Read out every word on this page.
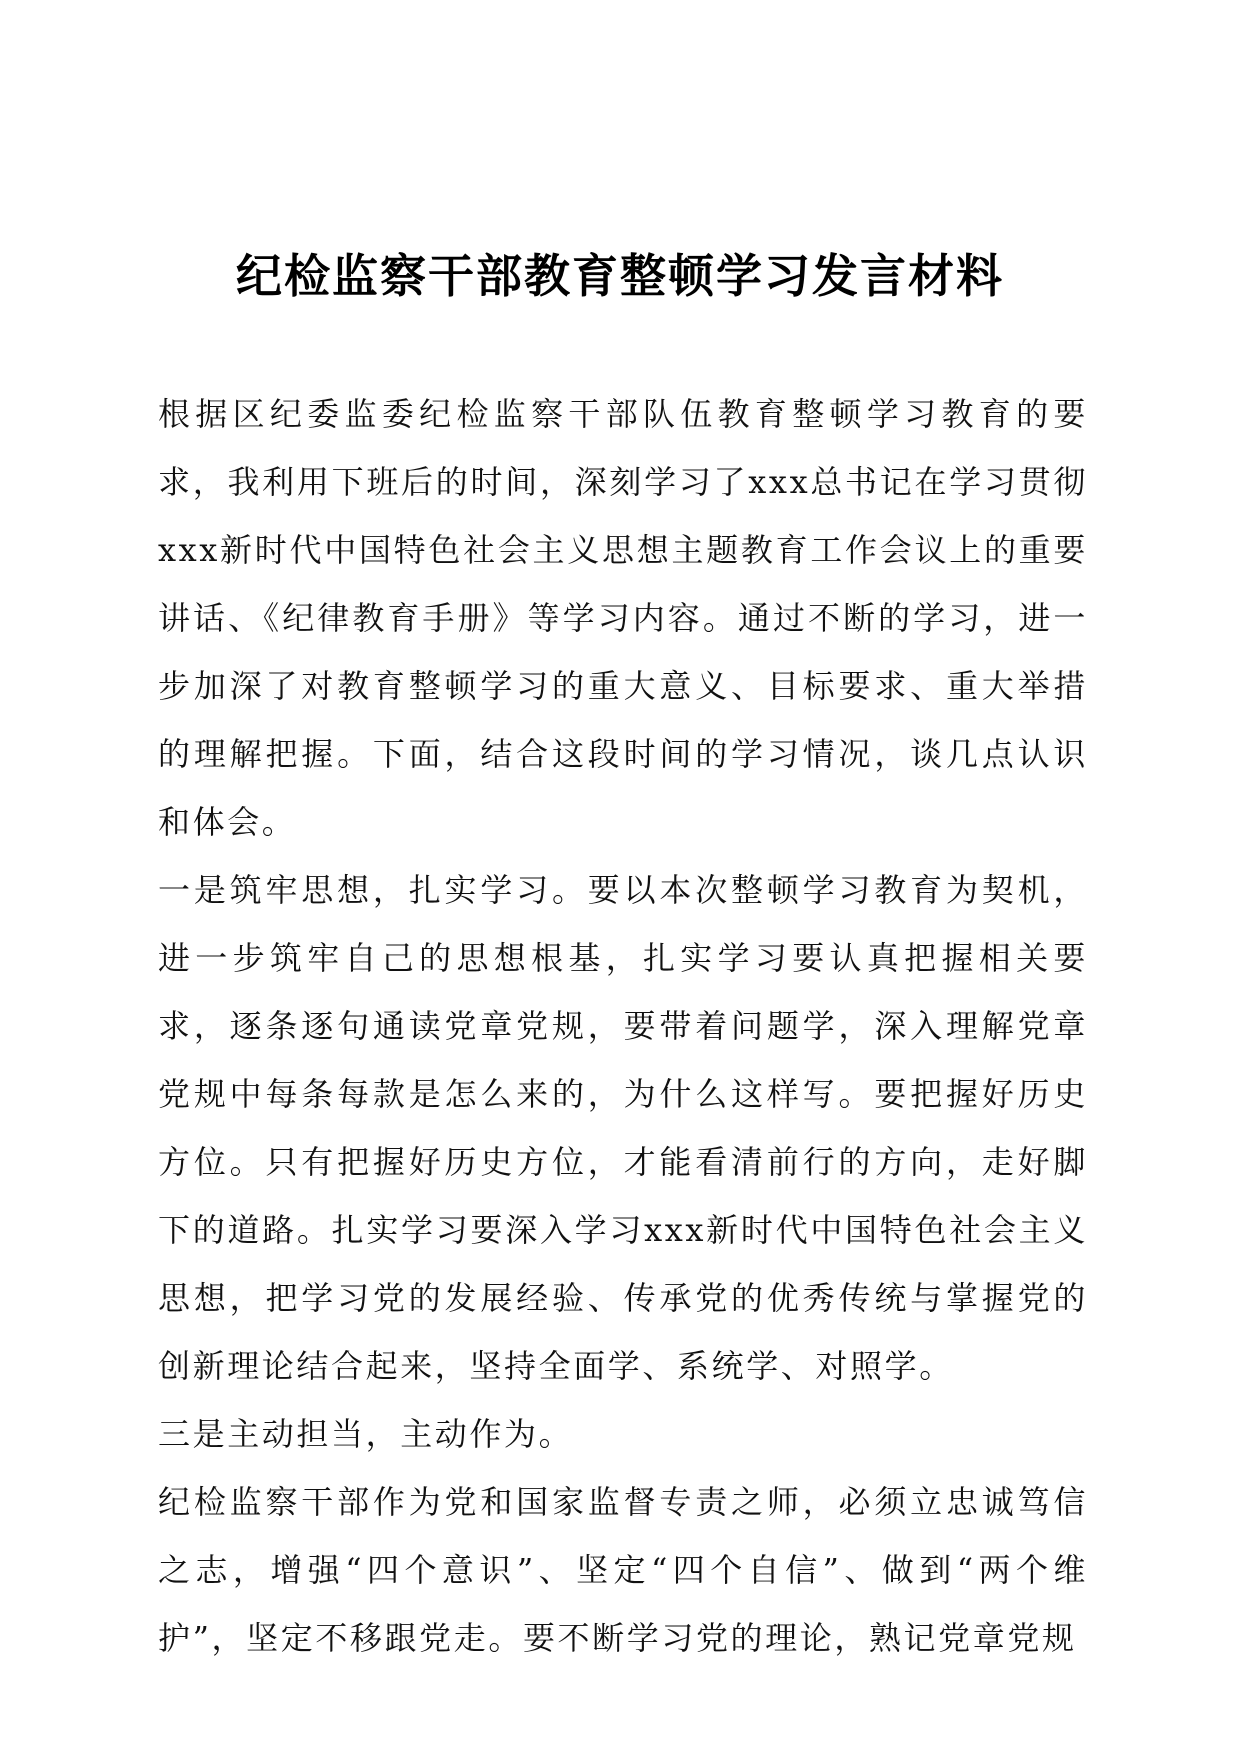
纪检监察干部教育整顿学习发言材料

根据区纪委监委纪检监察干部队伍教育整顿学习教育的要求，我利用下班后的时间，深刻学习了xxx总书记在学习贯彻xxx新时代中国特色社会主义思想主题教育工作会议上的重要讲话、《纪律教育手册》等学习内容。通过不断的学习，进一步加深了对教育整顿学习的重大意义、目标要求、重大举措的理解把握。下面，结合这段时间的学习情况，谈几点认识和体会。

一是筑牢思想，扎实学习。要以本次整顿学习教育为契机，进一步筑牢自己的思想根基，扎实学习要认真把握相关要求，逐条逐句通读党章党规，要带着问题学，深入理解党章党规中每条每款是怎么来的，为什么这样写。要把握好历史方位。只有把握好历史方位，才能看清前行的方向，走好脚下的道路。扎实学习要深入学习xxx新时代中国特色社会主义思想，把学习党的发展经验、传承党的优秀传统与掌握党的创新理论结合起来，坚持全面学、系统学、对照学。

三是主动担当，主动作为。

纪检监察干部作为党和国家监督专责之师，必须立忠诚笃信之志，增强“四个意识”、坚定“四个自信”、做到“两个维护”，坚定不移跟党走。要不断学习党的理论，熟记党章党规
